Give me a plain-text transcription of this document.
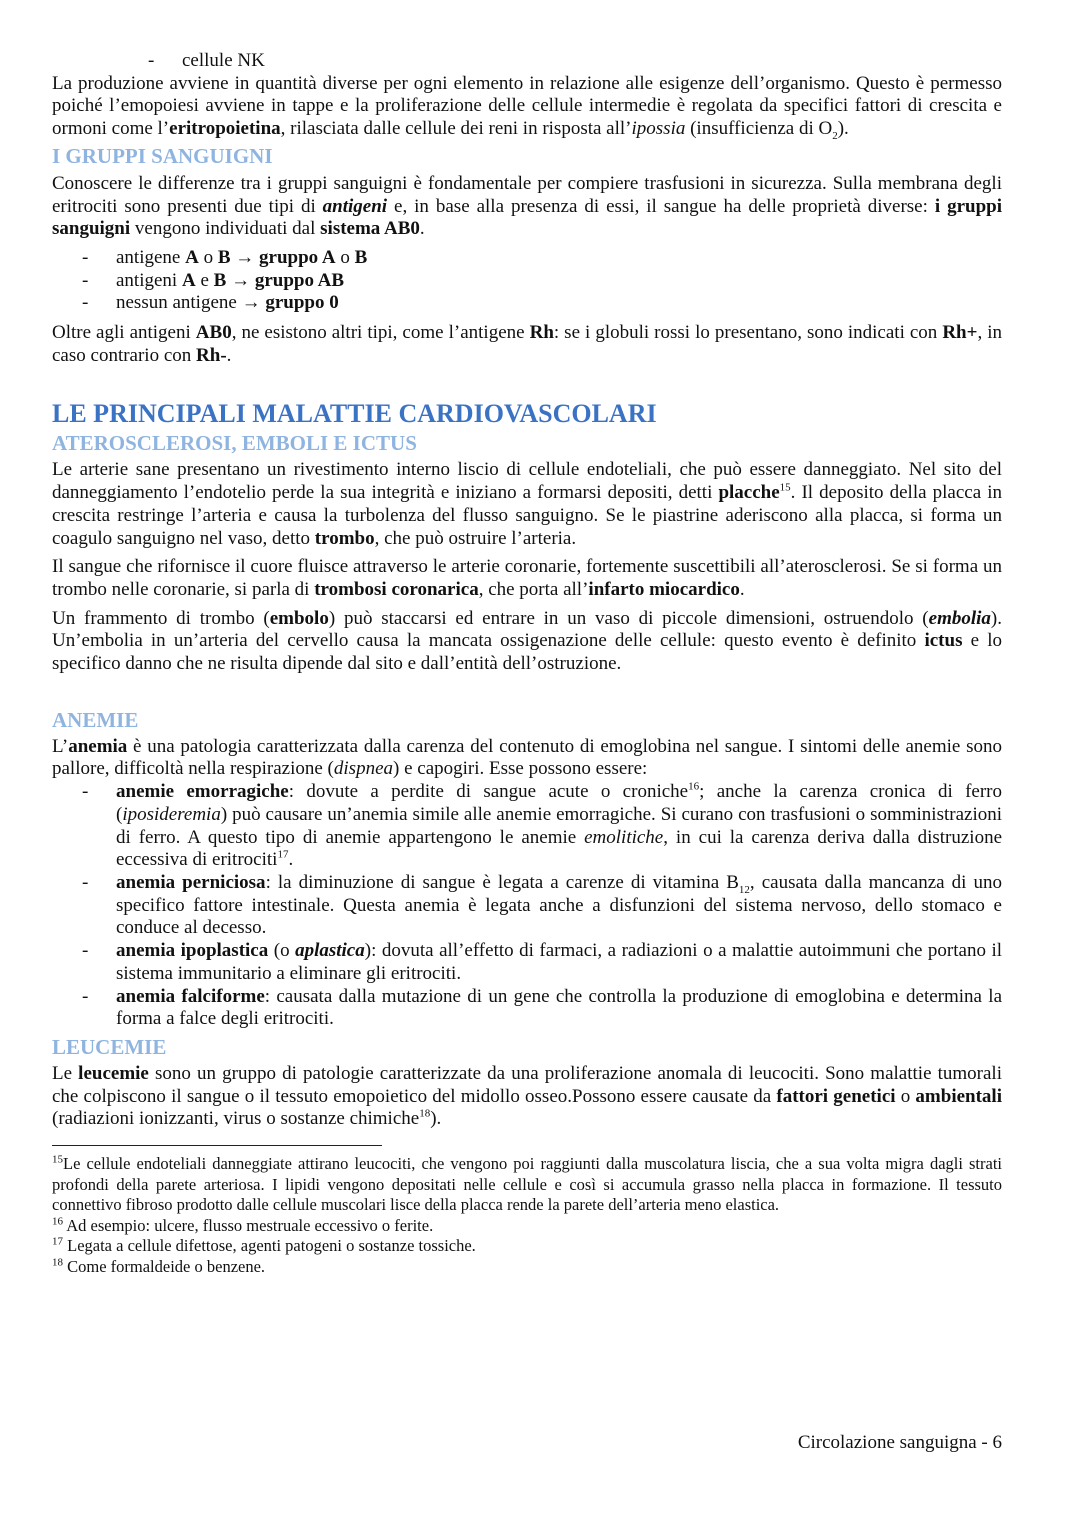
- cellule NK

La produzione avviene in quantità diverse per ogni elemento in relazione alle esigenze dell’organismo. Questo è permesso poiché l’emopoiesi avviene in tappe e la proliferazione delle cellule intermedie è regolata da specifici fattori di crescita e ormoni come l’eritropoietina, rilasciata dalle cellule dei reni in risposta all’ipossia (insufficienza di $O_2$).

I GRUPPI SANGUIGNI

Conoscere le differenze tra i gruppi sanguigni è fondamentale per compiere trasfusioni in sicurezza. Sulla membrana degli eritrociti sono presenti due tipi di antigeni e, in base alla presenza di essi, il sangue ha delle proprietà diverse: i gruppi sanguigni vengono individuati dal sistema AB0.

- antigene A o B → gruppo A o B
- antigeni A e B → gruppo AB
- nessun antigene → gruppo 0

Oltre agli antigeni AB0, ne esistono altri tipi, come l’antigene Rh: se i globuli rossi lo presentano, sono indicati con Rh+, in caso contrario con Rh-.

LE PRINCIPALI MALATTIE CARDIOVASCOLARI
ATEROSCLEROSI, EMBOLI E ICTUS

Le arterie sane presentano un rivestimento interno liscio di cellule endoteliali, che può essere danneggiato. Nel sito del danneggiamento l’endotelio perde la sua integrità e iniziano a formarsi depositi, detti placche$^{15}$. Il deposito della placca in crescita restringe l’arteria e causa la turbolenza del flusso sanguigno. Se le piastrine aderiscono alla placca, si forma un coagulo sanguigno nel vaso, detto trombo, che può ostruire l’arteria.

Il sangue che rifornisce il cuore fluisce attraverso le arterie coronarie, fortemente suscettibili all’aterosclerosi. Se si forma un trombo nelle coronarie, si parla di trombosi coronarica, che porta all’infarto miocardico.

Un frammento di trombo (embolo) può staccarsi ed entrare in un vaso di piccole dimensioni, ostruendolo (embolia). Un’embolia in un’arteria del cervello causa la mancata ossigenazione delle cellule: questo evento è definito ictus e lo specifico danno che ne risulta dipende dal sito e dall’entità dell’ostruzione.

ANEMIE

L’anemia è una patologia caratterizzata dalla carenza del contenuto di emoglobina nel sangue. I sintomi delle anemie sono pallore, difficoltà nella respirazione (dispnea) e capogiri. Esse possono essere:

- anemie emorragiche: dovute a perdite di sangue acute o croniche$^{16}$; anche la carenza cronica di ferro (iposideremia) può causare un’anemia simile alle anemie emorragiche. Si curano con trasfusioni o somministrazioni di ferro. A questo tipo di anemie appartengono le anemie emolitiche, in cui la carenza deriva dalla distruzione eccessiva di eritrociti$^{17}$.
- anemia perniciosa: la diminuzione di sangue è legata a carenze di vitamina $B_{12}$, causata dalla mancanza di uno specifico fattore intestinale. Questa anemia è legata anche a disfunzioni del sistema nervoso, dello stomaco e conduce al decesso.
- anemia ipoplastica (o aplastica): dovuta all’effetto di farmaci, a radiazioni o a malattie autoimmuni che portano il sistema immunitario a eliminare gli eritrociti.
- anemia falciforme: causata dalla mutazione di un gene che controlla la produzione di emoglobina e determina la forma a falce degli eritrociti.
LEUCEMIE

Le leucemie sono un gruppo di patologie caratterizzate da una proliferazione anomala di leucociti. Sono malattie tumorali che colpiscono il sangue o il tessuto emopoietico del midollo osseo.Possono essere causate da fattori genetici o ambientali (radiazioni ionizzanti, virus o sostanze chimiche$^{18}$).

$^{15}$Le cellule endoteliali danneggiate attirano leucociti, che vengono poi raggiunti dalla muscolatura liscia, che a sua volta migra dagli strati profondi della parete arteriosa. I lipidi vengono depositati nelle cellule e così si accumula grasso nella placca in formazione. Il tessuto connettivo fibroso prodotto dalle cellule muscolari lisce della placca rende la parete dell’arteria meno elastica.

$^{16}$ Ad esempio: ulcere, flusso mestruale eccessivo o ferite.

$^{17}$ Legata a cellule difettose, agenti patogeni o sostanze tossiche.

$^{18}$ Come formaldeide o benzene.

Circolazione sanguigna - 6
